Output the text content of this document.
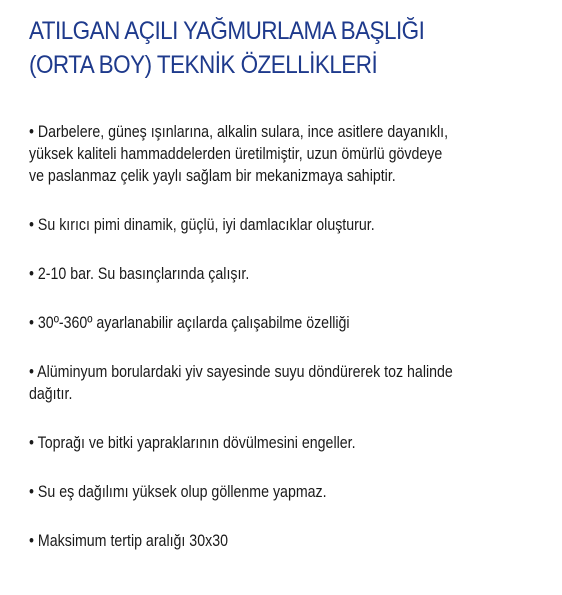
ATILGAN AÇILI YAĞMURLAMA BAŞLIĞI
(ORTA BOY) TEKNİK ÖZELLİKLERİ
• Darbelere, güneş ışınlarına, alkalin sulara, ince asitlere dayanıklı,
yüksek kaliteli hammaddelerden üretilmiştir, uzun ömürlü gövdeye
ve paslanmaz çelik yaylı sağlam bir mekanizmaya sahiptir.
• Su kırıcı pimi dinamik, güçlü, iyi damlacıklar oluşturur.
• 2-10 bar. Su basınçlarında çalışır.
• 30º-360º ayarlanabilir açılarda çalışabilme özelliği
• Alüminyum borulardaki yiv sayesinde suyu döndürerek toz halinde
dağıtır.
• Toprağı ve bitki yapraklarının dövülmesini engeller.
• Su eş dağılımı yüksek olup göllenme yapmaz.
• Maksimum tertip aralığı 30x30
